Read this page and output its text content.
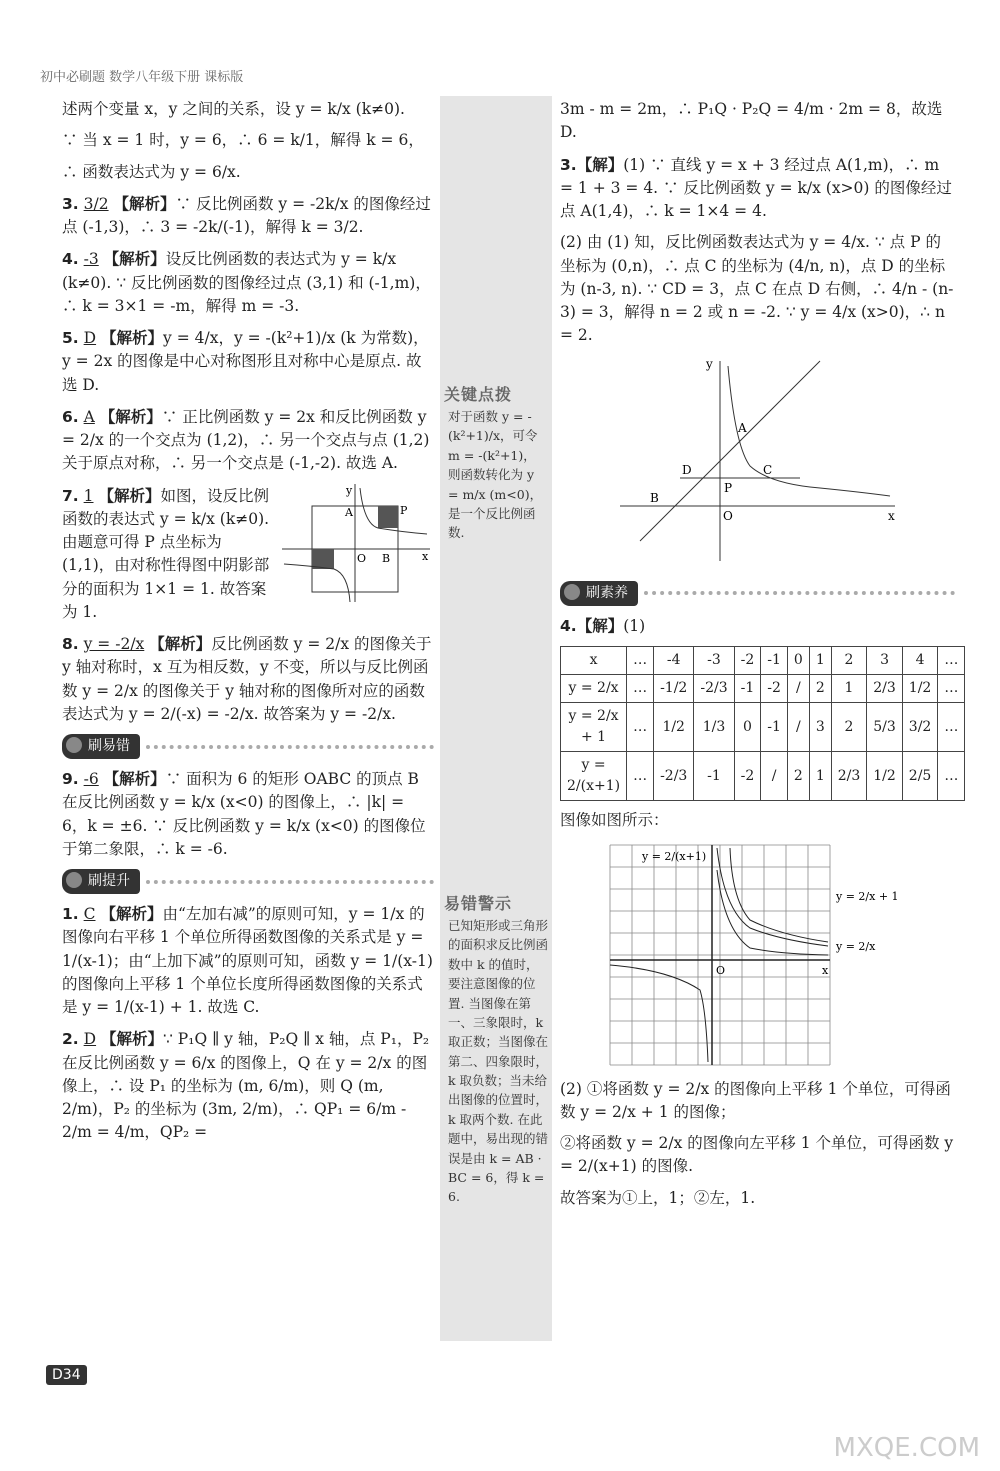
初中必刷题 数学八年级下册 课标版

述两个变量 x，y 之间的关系，设 y = k/x (k≠0).

∵ 当 x = 1 时，y = 6，∴ 6 = k/1，解得 k = 6，

∴ 函数表达式为 y = 6/x.

3. 3/2 【解析】∵ 反比例函数 y = -2k/x 的图像经过点 (-1,3)，∴ 3 = -2k/(-1)，解得 k = 3/2.

4. -3 【解析】设反比例函数的表达式为 y = k/x (k≠0). ∵ 反比例函数的图像经过点 (3,1) 和 (-1,m)，∴ k = 3×1 = -m，解得 m = -3.

5. D 【解析】y = 4/x，y = -(k²+1)/x (k 为常数)，y = 2x 的图像是中心对称图形且对称中心是原点. 故选 D.

6. A 【解析】∵ 正比例函数 y = 2x 和反比例函数 y = 2/x 的一个交点为 (1,2)，∴ 另一个交点与点 (1,2) 关于原点对称，∴ 另一个交点是 (-1,-2). 故选 A.

7. 1 【解析】如图，设反比例函数的表达式 y = k/x (k≠0). 由题意可得 P 点坐标为 (1,1)，由对称性得图中阴影部分的面积为 1×1 = 1. 故答案为 1.

y
A	P
O B	x

8. y = -2/x 【解析】反比例函数 y = 2/x 的图像关于 y 轴对称时，x 互为相反数，y 不变，所以与反比例函数 y = 2/x 的图像关于 y 轴对称的图像所对应的函数表达式为 y = 2/(-x) = -2/x. 故答案为 y = -2/x.

刷易错

9. -6 【解析】∵ 面积为 6 的矩形 OABC 的顶点 B 在反比例函数 y = k/x (x<0) 的图像上，∴ |k| = 6，k = ±6. ∵ 反比例函数 y = k/x (x<0) 的图像位于第二象限，∴ k = -6.

刷提升

1. C 【解析】由“左加右减”的原则可知，y = 1/x 的图像向右平移 1 个单位所得函数图像的关系式是 y = 1/(x-1)；由“上加下减”的原则可知，函数 y = 1/(x-1) 的图像向上平移 1 个单位长度所得函数图像的关系式是 y = 1/(x-1) + 1. 故选 C.

2. D 【解析】∵ P₁Q ∥ y 轴，P₂Q ∥ x 轴，点 P₁，P₂ 在反比例函数 y = 6/x 的图像上，Q 在 y = 2/x 的图像上，∴ 设 P₁ 的坐标为 (m, 6/m)，则 Q (m, 2/m)，P₂ 的坐标为 (3m, 2/m)，∴ QP₁ = 6/m - 2/m = 4/m，QP₂ =

关键点拨
对于函数 y = -(k²+1)/x，可令 m = -(k²+1)，则函数转化为 y = m/x (m<0)，是一个反比例函数.
易错警示
已知矩形或三角形的面积求反比例函数中 k 的值时，要注意图像的位置. 当图像在第一、三象限时，k 取正数；当图像在第二、四象限时，k 取负数；当未给出图像的位置时，k 取两个数. 在此题中，易出现的错误是由 k = AB · BC = 6，得 k = 6.

3m - m = 2m，∴ P₁Q · P₂Q = 4/m · 2m = 8，故选 D.

3.【解】(1) ∵ 直线 y = x + 3 经过点 A(1,m)，∴ m = 1 + 3 = 4. ∵ 反比例函数 y = k/x (x>0) 的图像经过点 A(1,4)，∴ k = 1×4 = 4.

(2) 由 (1) 知，反比例函数表达式为 y = 4/x. ∵ 点 P 的坐标为 (0,n)，∴ 点 C 的坐标为 (4/n, n)，点 D 的坐标为 (n-3, n). ∵ CD = 3，点 C 在点 D 右侧，∴ 4/n - (n-3) = 3，解得 n = 2 或 n = -2. ∵ y = 4/x (x>0)，∴ n = 2.

y
A
D	C
P
B
O	x
刷素养

4.【解】(1)

x	…	-4	-3	-2	-1	0	1	2	3	4	…
y = 2/x	…	-1/2	-2/3	-1	-2	/	2	1	2/3	1/2	…
y = 2/x + 1	…	1/2	1/3	0	-1	/	3	2	5/3	3/2	…
y = 2/(x+1)	…	-2/3	-1	-2	/	2	1	2/3	1/2	2/5	…

图像如图所示：

y = 2/(x+1)
y = 2/x + 1
y = 2/x
O	x

(2) ①将函数 y = 2/x 的图像向上平移 1 个单位，可得函数 y = 2/x + 1 的图像；

②将函数 y = 2/x 的图像向左平移 1 个单位，可得函数 y = 2/(x+1) 的图像.

故答案为①上，1；②左，1.

D34
MXQE.COM
